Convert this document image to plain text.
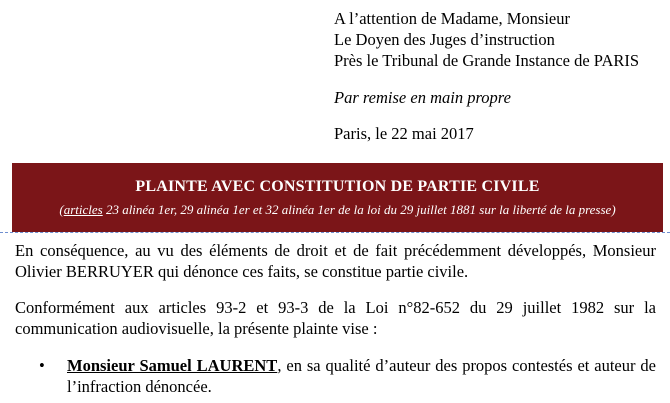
A l’attention de Madame, Monsieur
Le Doyen des Juges d’instruction
Près le Tribunal de Grande Instance de PARIS
Par remise en main propre
Paris, le 22 mai 2017
PLAINTE AVEC CONSTITUTION DE PARTIE CIVILE
(articles 23 alinéa 1er, 29 alinéa 1er et 32 alinéa 1er de la loi du 29 juillet 1881 sur la liberté de la presse)
En conséquence, au vu des éléments de droit et de fait précédemment développés, Monsieur Olivier BERRUYER qui dénonce ces faits, se constitue partie civile.
Conformément aux articles 93-2 et 93-3 de la Loi n°82-652 du 29 juillet 1982 sur la communication audiovisuelle, la présente plainte vise :
• Monsieur Samuel LAURENT, en sa qualité d’auteur des propos contestés et auteur de l’infraction dénoncée.
